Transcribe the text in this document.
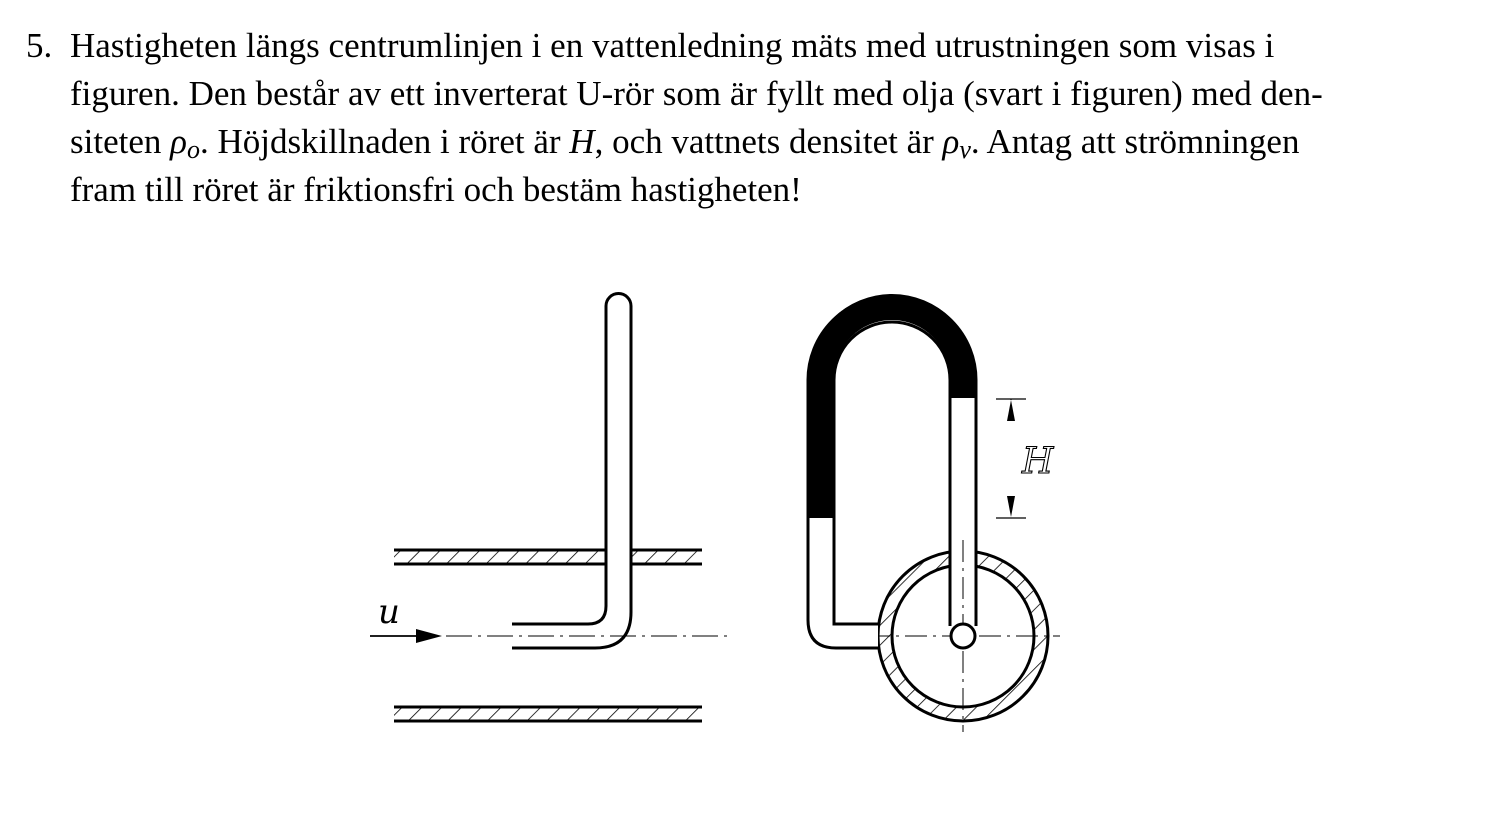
5. Hastigheten längs centrumlinjen i en vattenledning mäts med utrustningen som visas i
figuren. Den består av ett inverterat U-rör som är fyllt med olja (svart i figuren) med den-
siteten $\rho_o$. Höjdskillnaden i röret är H, och vattnets densitet är $\rho_v$. Antag att strömningen
fram till röret är friktionsfri och bestäm hastigheten!
u
H
